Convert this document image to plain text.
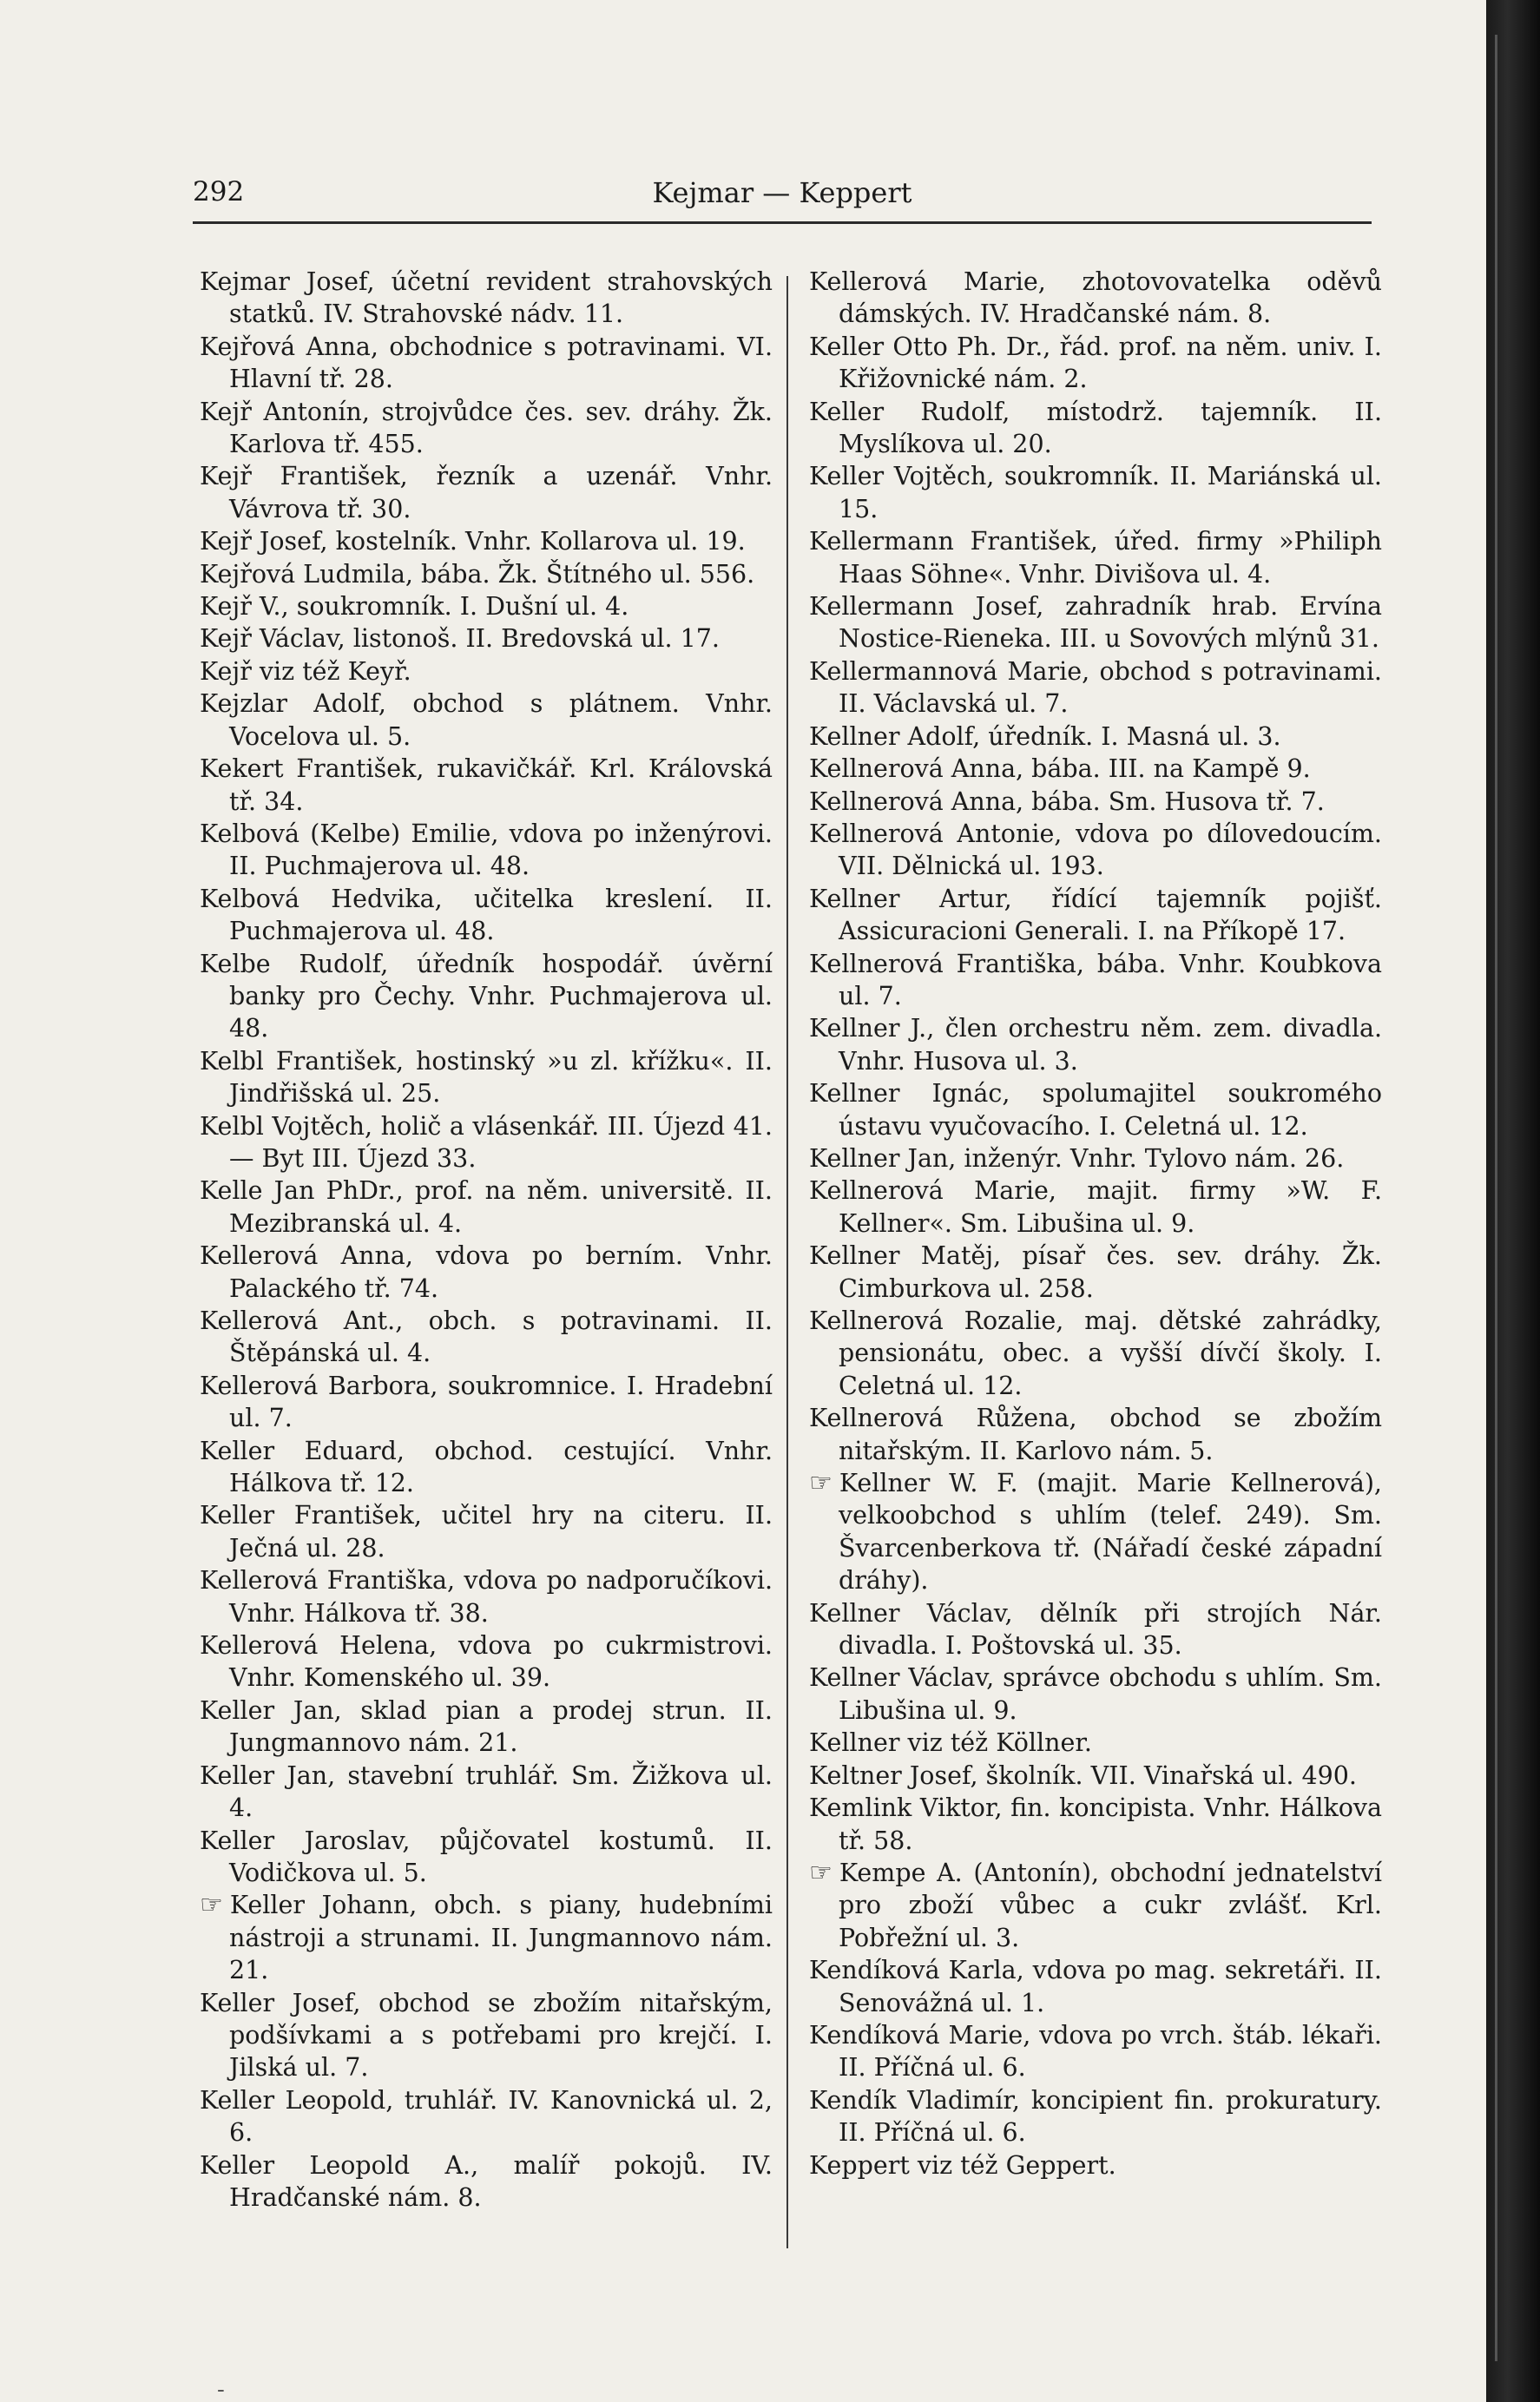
292	Kejmar — Keppert

Kejmar Josef, účetní revident strahovských statků. IV. Strahovské nádv. 11.

Kejřová Anna, obchodnice s potravinami. VI. Hlavní tř. 28.

Kejř Antonín, strojvůdce čes. sev. dráhy. Žk. Karlova tř. 455.

Kejř František, řezník a uzenář. Vnhr. Vávrova tř. 30.

Kejř Josef, kostelník. Vnhr. Kollarova ul. 19.

Kejřová Ludmila, bába. Žk. Štítného ul. 556.

Kejř V., soukromník. I. Dušní ul. 4.

Kejř Václav, listonoš. II. Bredovská ul. 17.

Kejř viz též Keyř.

Kejzlar Adolf, obchod s plátnem. Vnhr. Vocelova ul. 5.

Kekert František, rukavičkář. Krl. Královská tř. 34.

Kelbová (Kelbe) Emilie, vdova po inženýrovi. II. Puchmajerova ul. 48.

Kelbová Hedvika, učitelka kreslení. II. Puchmajerova ul. 48.

Kelbe Rudolf, úředník hospodář. úvěrní banky pro Čechy. Vnhr. Puchmajerova ul. 48.

Kelbl František, hostinský »u zl. křížku«. II. Jindřišská ul. 25.

Kelbl Vojtěch, holič a vlásenkář. III. Újezd 41. — Byt III. Újezd 33.

Kelle Jan PhDr., prof. na něm. universitě. II. Mezibranská ul. 4.

Kellerová Anna, vdova po berním. Vnhr. Palackého tř. 74.

Kellerová Ant., obch. s potravinami. II. Štěpánská ul. 4.

Kellerová Barbora, soukromnice. I. Hradební ul. 7.

Keller Eduard, obchod. cestující. Vnhr. Hálkova tř. 12.

Keller František, učitel hry na citeru. II. Ječná ul. 28.

Kellerová Františka, vdova po nadporučíkovi. Vnhr. Hálkova tř. 38.

Kellerová Helena, vdova po cukrmistrovi. Vnhr. Komenského ul. 39.

Keller Jan, sklad pian a prodej strun. II. Jungmannovo nám. 21.

Keller Jan, stavební truhlář. Sm. Žižkova ul. 4.

Keller Jaroslav, půjčovatel kostumů. II. Vodičkova ul. 5.

☞ Keller Johann, obch. s piany, hudebními nástroji a strunami. II. Jungmannovo nám. 21.

Keller Josef, obchod se zbožím nitařským, podšívkami a s potřebami pro krejčí. I. Jilská ul. 7.

Keller Leopold, truhlář. IV. Kanovnická ul. 2, 6.

Keller Leopold A., malíř pokojů. IV. Hradčanské nám. 8.

Kellerová Marie, zhotovovatelka oděvů dámských. IV. Hradčanské nám. 8.

Keller Otto Ph. Dr., řád. prof. na něm. univ. I. Křižovnické nám. 2.

Keller Rudolf, místodrž. tajemník. II. Myslíkova ul. 20.

Keller Vojtěch, soukromník. II. Mariánská ul. 15.

Kellermann František, úřed. firmy »Philiph Haas Söhne«. Vnhr. Divišova ul. 4.

Kellermann Josef, zahradník hrab. Ervína Nostice-Rieneka. III. u Sovových mlýnů 31.

Kellermannová Marie, obchod s potravinami. II. Václavská ul. 7.

Kellner Adolf, úředník. I. Masná ul. 3.

Kellnerová Anna, bába. III. na Kampě 9.

Kellnerová Anna, bába. Sm. Husova tř. 7.

Kellnerová Antonie, vdova po dílovedoucím. VII. Dělnická ul. 193.

Kellner Artur, řídící tajemník pojišť. Assicuracioni Generali. I. na Příkopě 17.

Kellnerová Františka, bába. Vnhr. Koubkova ul. 7.

Kellner J., člen orchestru něm. zem. divadla. Vnhr. Husova ul. 3.

Kellner Ignác, spolumajitel soukromého ústavu vyučovacího. I. Celetná ul. 12.

Kellner Jan, inženýr. Vnhr. Tylovo nám. 26.

Kellnerová Marie, majit. firmy »W. F. Kellner«. Sm. Libušina ul. 9.

Kellner Matěj, písař čes. sev. dráhy. Žk. Cimburkova ul. 258.

Kellnerová Rozalie, maj. dětské zahrádky, pensionátu, obec. a vyšší dívčí školy. I. Celetná ul. 12.

Kellnerová Růžena, obchod se zbožím nitařským. II. Karlovo nám. 5.

☞ Kellner W. F. (majit. Marie Kellnerová), velkoobchod s uhlím (telef. 249). Sm. Švarcenberkova tř. (Nářadí české západní dráhy).

Kellner Václav, dělník při strojích Nár. divadla. I. Poštovská ul. 35.

Kellner Václav, správce obchodu s uhlím. Sm. Libušina ul. 9.

Kellner viz též Köllner.

Keltner Josef, školník. VII. Vinařská ul. 490.

Kemlink Viktor, fin. koncipista. Vnhr. Hálkova tř. 58.

☞ Kempe A. (Antonín), obchodní jednatelství pro zboží vůbec a cukr zvlášť. Krl. Pobřežní ul. 3.

Kendíková Karla, vdova po mag. sekretáři. II. Senovážná ul. 1.

Kendíková Marie, vdova po vrch. štáb. lékaři. II. Příčná ul. 6.

Kendík Vladimír, koncipient fin. prokuratury. II. Příčná ul. 6.

Keppert viz též Geppert.

-
